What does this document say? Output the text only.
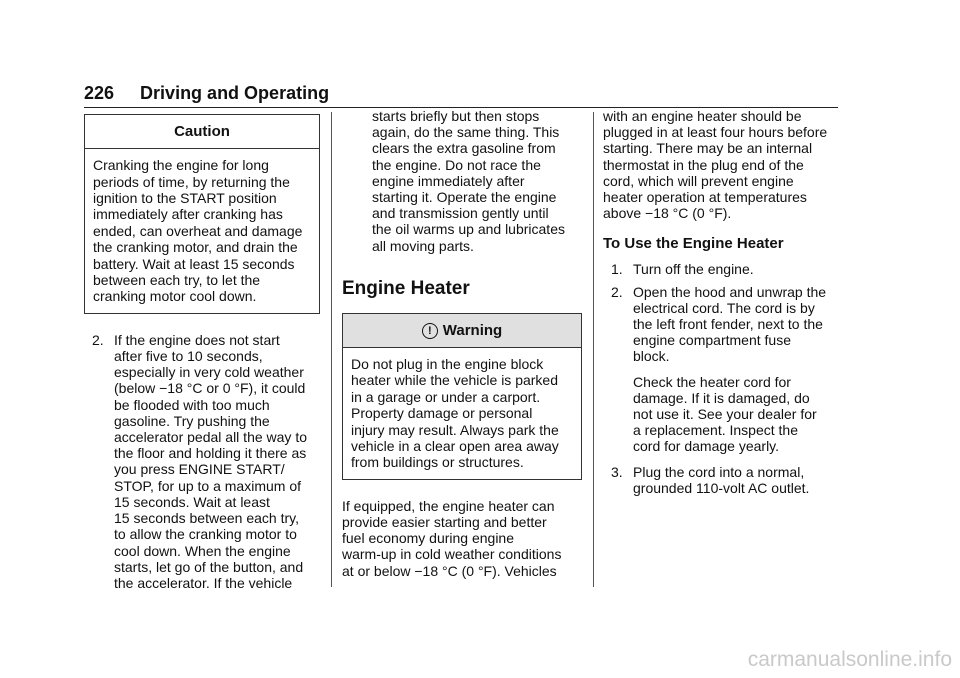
226 Driving and Operating
Caution
Cranking the engine for long
periods of time, by returning the
ignition to the START position
immediately after cranking has
ended, can overheat and damage
the cranking motor, and drain the
battery. Wait at least 15 seconds
between each try, to let the
cranking motor cool down.
2. If the engine does not start
after five to 10 seconds,
especially in very cold weather
(below −18 °C or 0 °F), it could
be flooded with too much
gasoline. Try pushing the
accelerator pedal all the way to
the floor and holding it there as
you press ENGINE START/
STOP, for up to a maximum of
15 seconds. Wait at least
15 seconds between each try,
to allow the cranking motor to
cool down. When the engine
starts, let go of the button, and
the accelerator. If the vehicle
starts briefly but then stops
again, do the same thing. This
clears the extra gasoline from
the engine. Do not race the
engine immediately after
starting it. Operate the engine
and transmission gently until
the oil warms up and lubricates
all moving parts.
Engine Heater
! Warning
Do not plug in the engine block
heater while the vehicle is parked
in a garage or under a carport.
Property damage or personal
injury may result. Always park the
vehicle in a clear open area away
from buildings or structures.
If equipped, the engine heater can
provide easier starting and better
fuel economy during engine
warm-up in cold weather conditions
at or below −18 °C (0 °F). Vehicles
with an engine heater should be
plugged in at least four hours before
starting. There may be an internal
thermostat in the plug end of the
cord, which will prevent engine
heater operation at temperatures
above −18 °C (0 °F).
To Use the Engine Heater
1. Turn off the engine.
2. Open the hood and unwrap the
electrical cord. The cord is by
the left front fender, next to the
engine compartment fuse
block.
Check the heater cord for
damage. If it is damaged, do
not use it. See your dealer for
a replacement. Inspect the
cord for damage yearly.
3. Plug the cord into a normal,
grounded 110-volt AC outlet.
carmanualsonline.info
